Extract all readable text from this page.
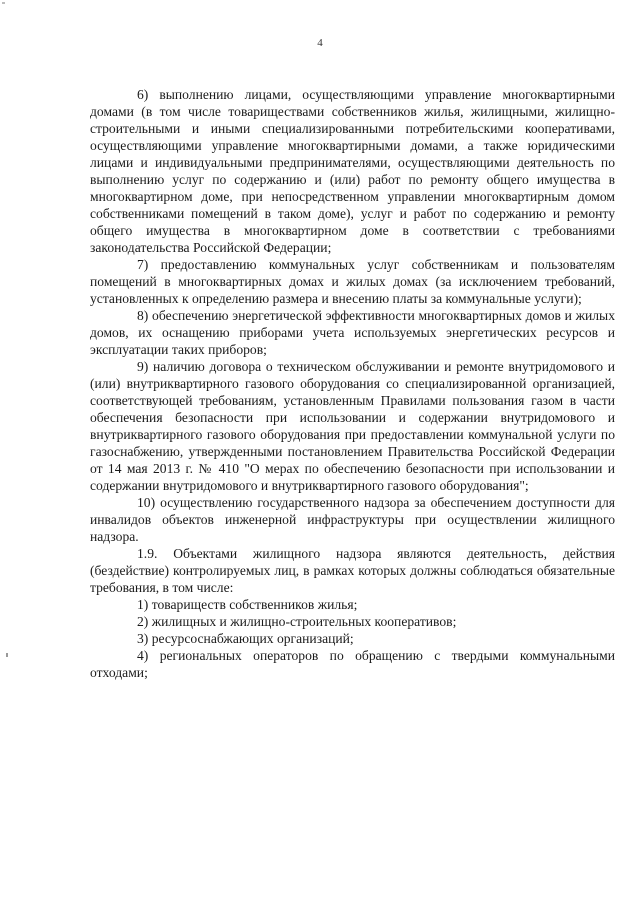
4

6) выполнению лицами, осуществляющими управление многоквартирными домами (в том числе товариществами собственников жилья, жилищными, жилищно-строительными и иными специализированными потребительскими кооперативами, осуществляющими управление многоквартирными домами, а также юридическими лицами и индивидуальными предпринимателями, осуществляющими деятельность по выполнению услуг по содержанию и (или) работ по ремонту общего имущества в многоквартирном доме, при непосредственном управлении многоквартирным домом собственниками помещений в таком доме), услуг и работ по содержанию и ремонту общего имущества в многоквартирном доме в соответствии с требованиями законодательства Российской Федерации;

7) предоставлению коммунальных услуг собственникам и пользователям помещений в многоквартирных домах и жилых домах (за исключением требований, установленных к определению размера и внесению платы за коммунальные услуги);

8) обеспечению энергетической эффективности многоквартирных домов и жилых домов, их оснащению приборами учета используемых энергетических ресурсов и эксплуатации таких приборов;

9) наличию договора о техническом обслуживании и ремонте внутридомового и (или) внутриквартирного газового оборудования со специализированной организацией, соответствующей требованиям, установленным Правилами пользования газом в части обеспечения безопасности при использовании и содержании внутридомового и внутриквартирного газового оборудования при предоставлении коммунальной услуги по газоснабжению, утвержденными постановлением Правительства Российской Федерации от 14 мая 2013 г. № 410 "О мерах по обеспечению безопасности при использовании и содержании внутридомового и внутриквартирного газового оборудования";

10) осуществлению государственного надзора за обеспечением доступности для инвалидов объектов инженерной инфраструктуры при осуществлении жилищного надзора.

1.9. Объектами жилищного надзора являются деятельность, действия (бездействие) контролируемых лиц, в рамках которых должны соблюдаться обязательные требования, в том числе:

1) товариществ собственников жилья;

2) жилищных и жилищно-строительных кооперативов;

3) ресурсоснабжающих организаций;

4) региональных операторов по обращению с твердыми коммунальными отходами;
